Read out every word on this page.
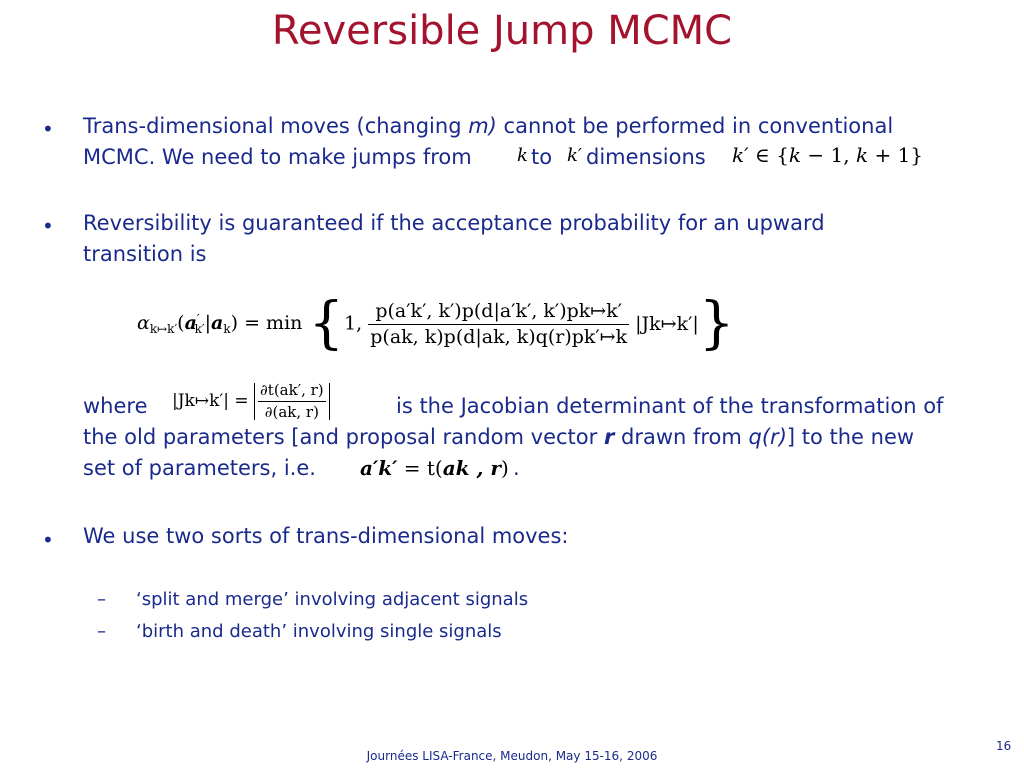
Reversible Jump MCMC
• Trans-dimensional moves (changing m) cannot be performed in conventional
MCMC. We need to make jumps from	k to k′ dimensions k′ ∈ {k − 1, k + 1}
• Reversibility is guaranteed if the acceptance probability for an upward
transition is
$\alpha_{k↦k'}(a'_{k'}|a_k) = \min \{1$, $\frac{p(a'k', k')p(d|a'k', k')pk↦k'}{p(ak, k)p(d|ak, k)q(r)pk'↦k}$ |Jk↦k′|}
where |Jk↦k′| = $\frac{\partial t(ak', r)}{\partial(ak, r)}$	is the Jacobian determinant of the transformation of
the old parameters [and proposal random vector r drawn from q(r)] to the new
set of parameters, i.e.	a′k′ = t(ak , r) .
• We use two sorts of trans-dimensional moves:
– ‘split and merge’ involving adjacent signals
– ‘birth and death’ involving single signals
Journées LISA-France, Meudon, May 15-16, 2006
16
